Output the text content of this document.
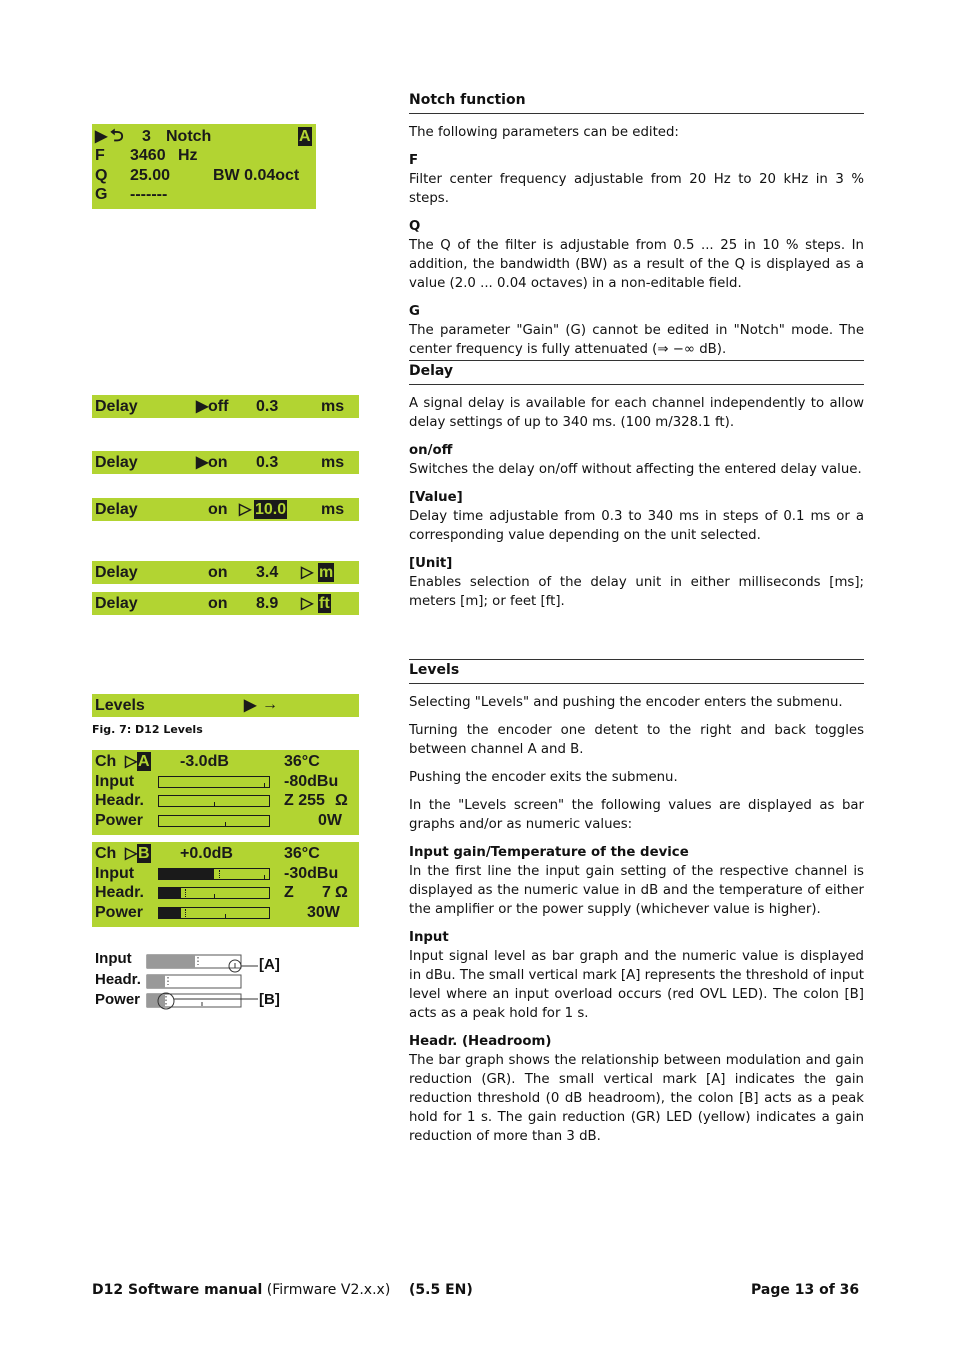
Notch function

The following parameters can be edited:

F

Filter center frequency adjustable from 20 Hz to 20 kHz in 3 % steps.

Q

The Q of the filter is adjustable from 0.5 ... 25 in 10 % steps. In addition, the bandwidth (BW) as a result of the Q is displayed as a value (2.0 ... 0.04 octaves) in a non-editable field.

G

The parameter "Gain" (G) cannot be edited in "Notch" mode. The center frequency is fully attenuated (⇒ −∞ dB).

▶ ⮌ 3 Notch	A
F 3460 Hz
Q 25.00	BW 0.04oct
G -------
Delay

A signal delay is available for each channel independently to allow delay settings of up to 340 ms. (100 m/328.1 ft).

on/off

Switches the delay on/off without affecting the entered delay value.

[Value]

Delay time adjustable from 0.3 to 340 ms in steps of 0.1 ms or a corresponding value depending on the unit selected.

[Unit]

Enables selection of the delay unit in either milliseconds [ms]; meters [m]; or feet [ft].

Delay	▶ off 0.3	ms
Delay	▶ on 0.3	ms
Delay	on ▷ 10.0 ms
Delay	on 3.4 ▷ m
Delay	on 8.9 ▷ ft
Levels

Selecting "Levels" and pushing the encoder enters the submenu.

Turning the encoder one detent to the right and back toggles between channel A and B.

Pushing the encoder exits the submenu.

In the "Levels screen" the following values are displayed as bar graphs and/or as numeric values:

Input gain/Temperature of the device

In the first line the input gain setting of the respective channel is displayed as the numeric value in dB and the temperature of either the amplifier or the power supply (whichever value is higher).

Input

Input signal level as bar graph and the numeric value is displayed in dBu. The small vertical mark [A] represents the threshold of input level where an input overload occurs (red OVL LED). The colon [B] acts as a peak hold for 1 s.

Headr. (Headroom)

The bar graph shows the relationship between modulation and gain reduction (GR). The small vertical mark [A] indicates the gain reduction threshold (0 dB headroom), the colon [B] acts as a peak hold for 1 s. The gain reduction (GR) LED (yellow) indicates a gain reduction of more than 3 dB.

Levels	▶ →
Fig. 7: D12 Levels
Ch ▷ A -3.0dB	36°C
Input	-80dBu
Headr.	Z 255 Ω
Power	0W
Ch ▷ B +0.0dB	36°C
Input	-30dBu
Headr.	Z 7 Ω
Power	30W
Input
Headr.
Power
[A]
[B]
D12 Software manual (Firmware V2.x.x) (5.5 EN)	Page 13 of 36
